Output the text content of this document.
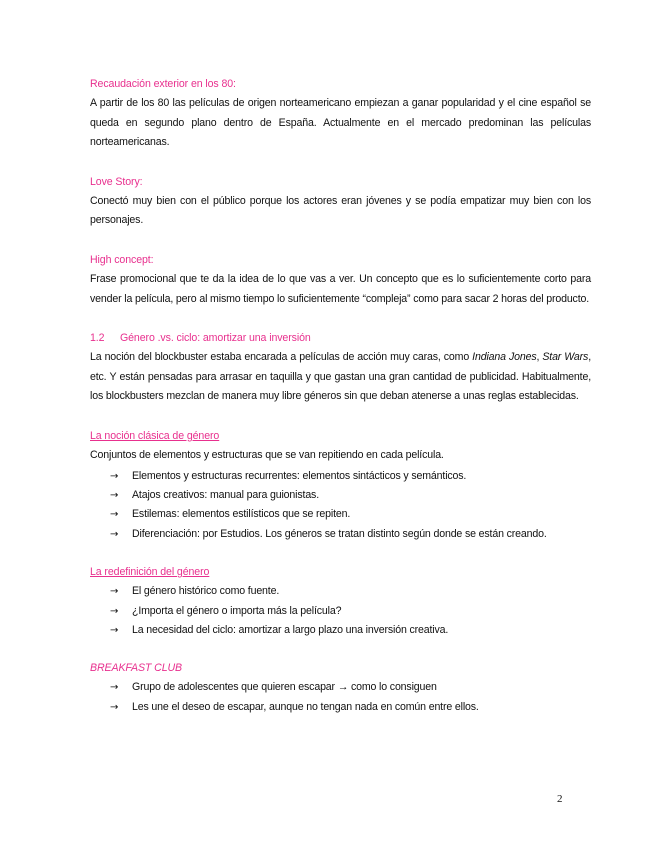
Recaudación exterior en los 80:
A partir de los 80 las películas de origen norteamericano empiezan a ganar popularidad y el cine español se queda en segundo plano dentro de España. Actualmente en el mercado predominan las películas norteamericanas.
Love Story:
Conectó muy bien con el público porque los actores eran jóvenes y se podía empatizar muy bien con los personajes.
High concept:
Frase promocional que te da la idea de lo que vas a ver. Un concepto que es lo suficientemente corto para vender la película, pero al mismo tiempo lo suficientemente “compleja” como para sacar 2 horas del producto.
1.2 Género .vs. ciclo: amortizar una inversión
La noción del blockbuster estaba encarada a películas de acción muy caras, como Indiana Jones, Star Wars, etc. Y están pensadas para arrasar en taquilla y que gastan una gran cantidad de publicidad. Habitualmente, los blockbusters mezclan de manera muy libre géneros sin que deban atenerse a unas reglas establecidas.
La noción clásica de género
Conjuntos de elementos y estructuras que se van repitiendo en cada película.
→	Elementos y estructuras recurrentes: elementos sintácticos y semánticos.
→	Atajos creativos: manual para guionistas.
→	Estilemas: elementos estilísticos que se repiten.
→	Diferenciación: por Estudios. Los géneros se tratan distinto según donde se están creando.
La redefinición del género
→	El género histórico como fuente.
→	¿Importa el género o importa más la película?
→	La necesidad del ciclo: amortizar a largo plazo una inversión creativa.
BREAKFAST CLUB
→	Grupo de adolescentes que quieren escapar → como lo consiguen
→	Les une el deseo de escapar, aunque no tengan nada en común entre ellos.
2
